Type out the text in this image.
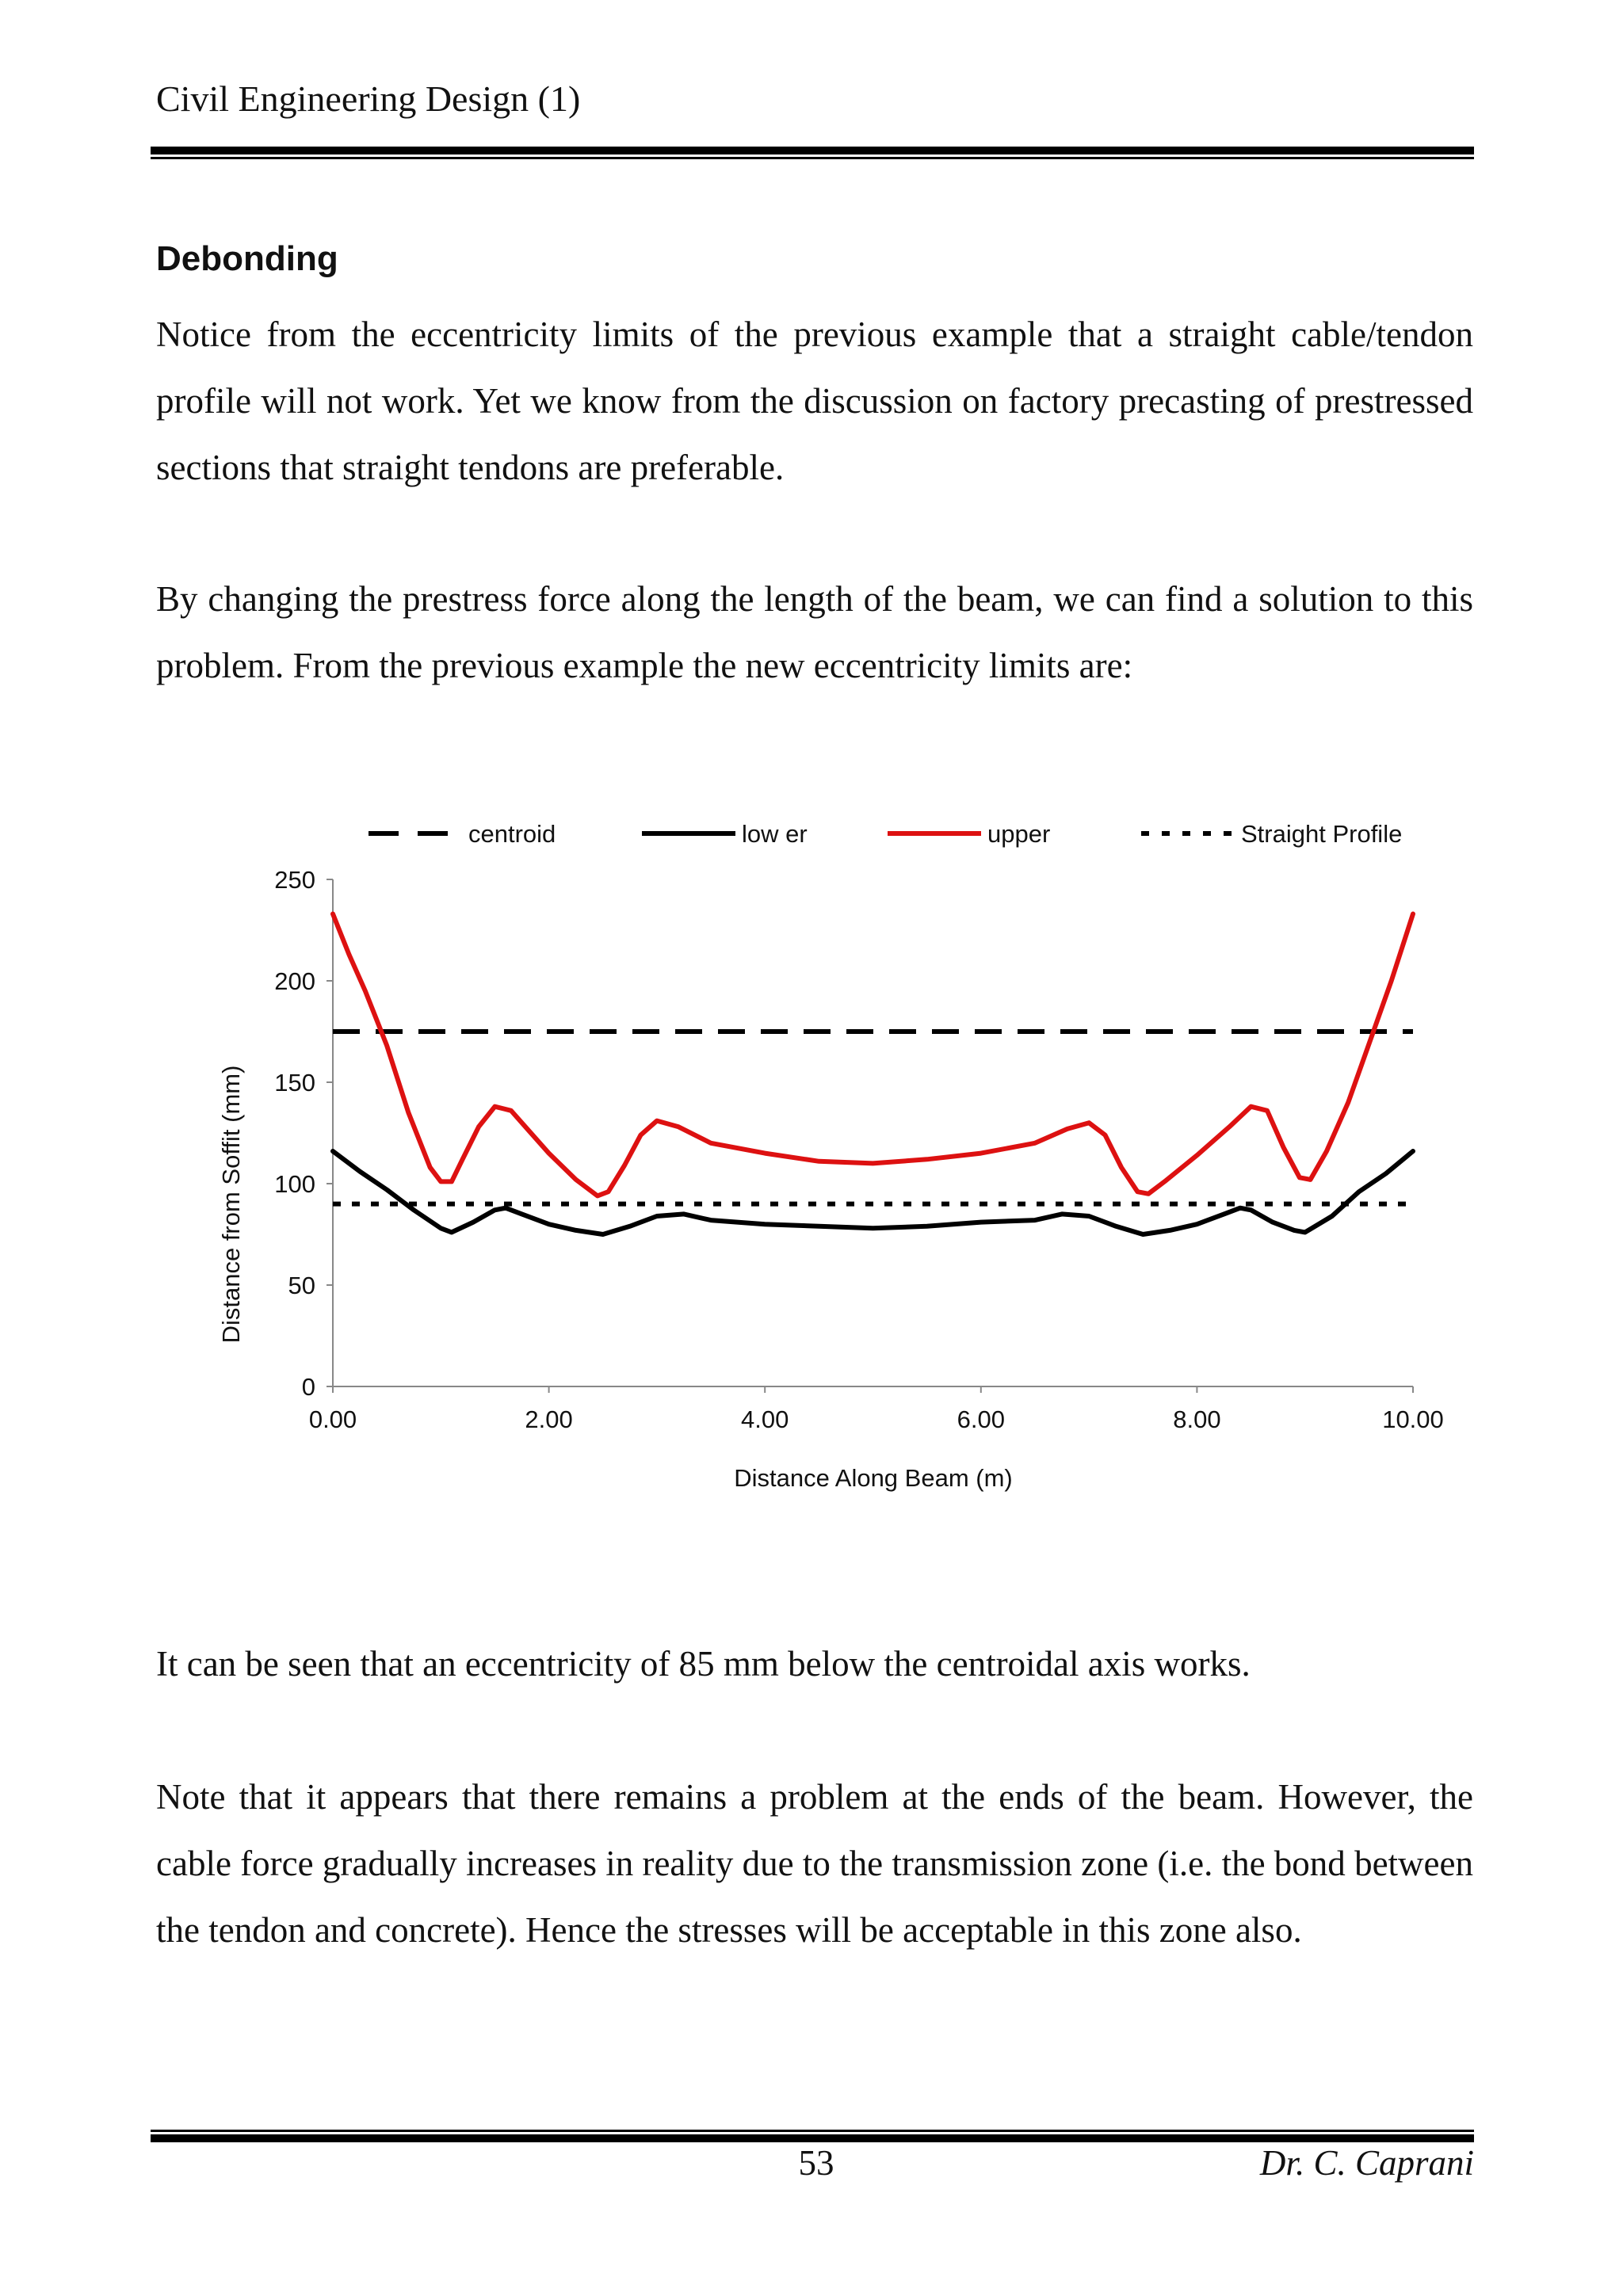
Civil Engineering Design (1)
Debonding

Notice from the eccentricity limits of the previous example that a straight cable/tendon profile will not work. Yet we know from the discussion on factory precasting of prestressed sections that straight tendons are preferable.

By changing the prestress force along the length of the beam, we can find a solution to this problem. From the previous example the new eccentricity limits are:

centroid	low er	upper	Straight Profile
0
50
100
150
200
250
0.00	2.00	4.00	6.00	8.00	10.00
Distance from Soffit (mm)
Distance Along Beam (m)

It can be seen that an eccentricity of 85 mm below the centroidal axis works.

Note that it appears that there remains a problem at the ends of the beam. However, the cable force gradually increases in reality due to the transmission zone (i.e. the bond between the tendon and concrete). Hence the stresses will be acceptable in this zone also.

53	Dr. C. Caprani
